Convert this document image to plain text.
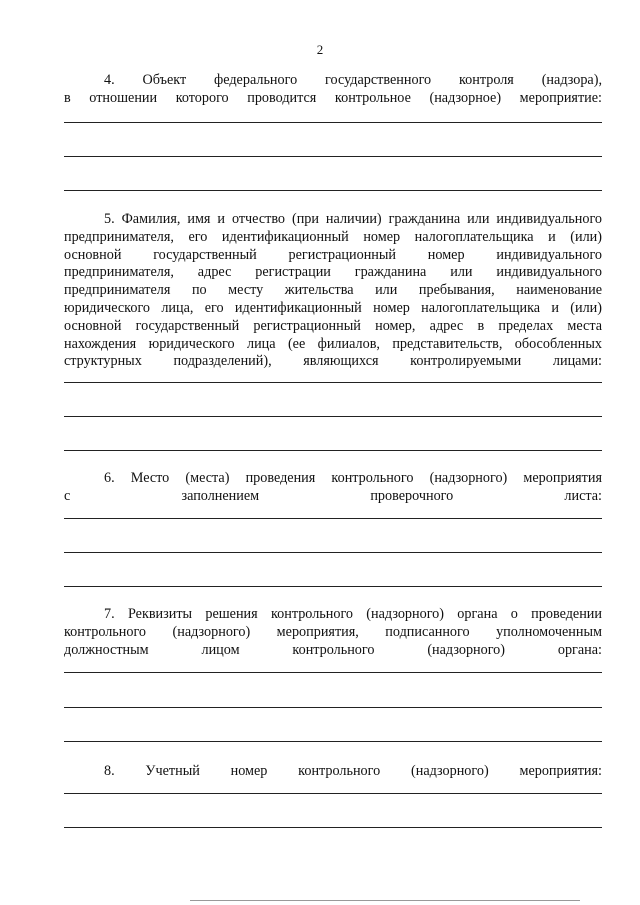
2
4. Объект федерального государственного контроля (надзора),
в отношении которого проводится контрольное (надзорное) мероприятие:
5. Фамилия, имя и отчество (при наличии) гражданина или индивидуального
предпринимателя, его идентификационный номер налогоплательщика и (или)
основной государственный регистрационный номер индивидуального
предпринимателя, адрес регистрации гражданина или индивидуального
предпринимателя по месту жительства или пребывания, наименование
юридического лица, его идентификационный номер налогоплательщика и (или)
основной государственный регистрационный номер, адрес в пределах места
нахождения юридического лица (ее филиалов, представительств, обособленных
структурных подразделений), являющихся контролируемыми лицами:
6. Место (места) проведения контрольного (надзорного) мероприятия
с заполнением проверочного листа:
7. Реквизиты решения контрольного (надзорного) органа о проведении
контрольного (надзорного) мероприятия, подписанного уполномоченным
должностным лицом контрольного (надзорного) органа:
8. Учетный номер контрольного (надзорного) мероприятия:
